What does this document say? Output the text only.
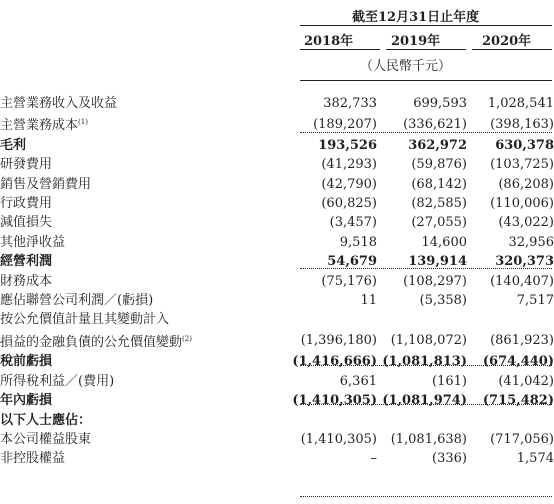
截至12月31日止年度
2018年	2019年	2020年
（人民幣千元）
主營業務收入及收益	382,733	699,593	1,028,541
主營業務成本$^{(1)}$	(189,207)	(336,621)	(398,163)
毛利	193,526	362,972	630,378
研發費用	(41,293)	(59,876)	(103,725)
銷售及營銷費用	(42,790)	(68,142)	(86,208)
行政費用	(60,825)	(82,585)	(110,006)
減值損失	(3,457)	(27,055)	(43,022)
其他淨收益	9,518	14,600	32,956
經營利潤	54,679	139,914	320,373
財務成本	(75,176)	(108,297)	(140,407)
應佔聯營公司利潤／(虧損)	11	(5,358)	7,517
按公允價值計量且其變動計入			
損益的金融負債的公允價值變動$^{(2)}$	(1,396,180)	(1,108,072)	(861,923)
稅前虧損	(1,416,666)	(1,081,813)	(674,440)
所得稅利益／(費用)	6,361	(161)	(41,042)
年內虧損	(1,410,305)	(1,081,974)	(715,482)
以下人士應佔：			
本公司權益股東	(1,410,305)	(1,081,638)	(717,056)
非控股權益	–	(336)	1,574
